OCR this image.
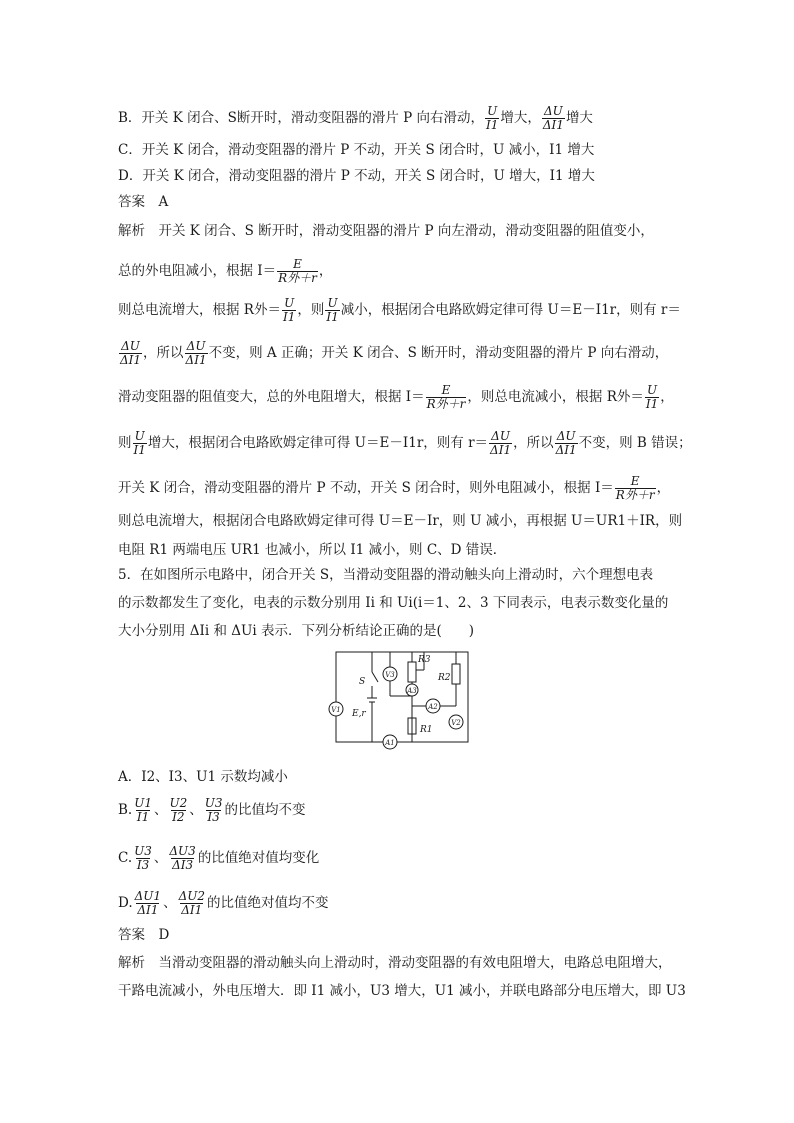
B．开关 K 闭合、S断开时，滑动变阻器的滑片 P 向右滑动， $\frac{U}{I1}$ 增大， $\frac{\Delta U}{\Delta I1}$ 增大
C．开关 K 闭合，滑动变阻器的滑片 P 不动，开关 S 闭合时，U 减小，I1 增大
D．开关 K 闭合，滑动变阻器的滑片 P 不动，开关 S 闭合时，U 增大，I1 增大
答案　 A
解析　 开关 K 闭合、S 断开时，滑动变阻器的滑片 P 向左滑动，滑动变阻器的阻值变小，
总的外电阻减小，根据 I＝ E
R外＋r ，
则总电流增大，根据 R外＝ $\frac{U}{I1}$ ，则 $\frac{U}{I1}$ 减小，根据闭合电路欧姆定律可得 U＝E－I1r，则有 r＝
$\frac{\Delta U}{\Delta I1}$ ，所以 $\frac{\Delta U}{\Delta I1}$ 不变，则 A 正确；开关 K 闭合、S 断开时，滑动变阻器的滑片 P 向右滑动，
滑动变阻器的阻值变大，总的外电阻增大，根据 I＝ E
R外＋r ，则总电流减小，根据 R外＝ $\frac{U}{I1}$ ，
则 $\frac{U}{I1}$ 增大，根据闭合电路欧姆定律可得 U＝E－I1r，则有 $r= \frac{\Delta U}{\Delta I1}$ ，所以 $\frac{\Delta U}{\Delta I1}$ 不变，则 B 错误；
开关 K 闭合，滑动变阻器的滑片 P 不动，开关 S 闭合时，则外电阻减小，根据 I＝ E
R外＋r ，
则总电流增大，根据闭合电路欧姆定律可得 U＝E－Ir，则 U 减小，再根据 U＝UR1＋IR，则
电阻 R1 两端电压 UR1 也减小，所以 I1 减小，则 C、D 错误．
5．在如图所示电路中，闭合开关 S，当滑动变阻器的滑动触头向上滑动时，六个理想电表
的示数都发生了变化，电表的示数分别用 Ii 和 Ui(i＝1、2、3 下同表示，电表示数变化量的
大小分别用 ΔIi 和 ΔUi 表示．下列分析结论正确的是(　　)
V1
V3
A3
A2
V2
A1
S
E,r
R3
R2
R1
A．I2、I3、U1 示数均减小
B. $\frac{U1}{I1}$ 、 $\frac{U2}{I2}$ 、 $\frac{U3}{I3}$ 的比值均不变
C. $\frac{U3}{I3}$ 、 $\frac{\Delta U3}{\Delta I3}$ 的比值绝对值均变化
D. $\frac{\Delta U1}{\Delta I1}$ 、 $\frac{\Delta U2}{\Delta I1}$ 的比值绝对值均不变
答案　 D
解析　 当滑动变阻器的滑动触头向上滑动时，滑动变阻器的有效电阻增大，电路总电阻增大，
干路电流减小，外电压增大．即 I1 减小，U3 增大，U1 减小，并联电路部分电压增大，即 U3
